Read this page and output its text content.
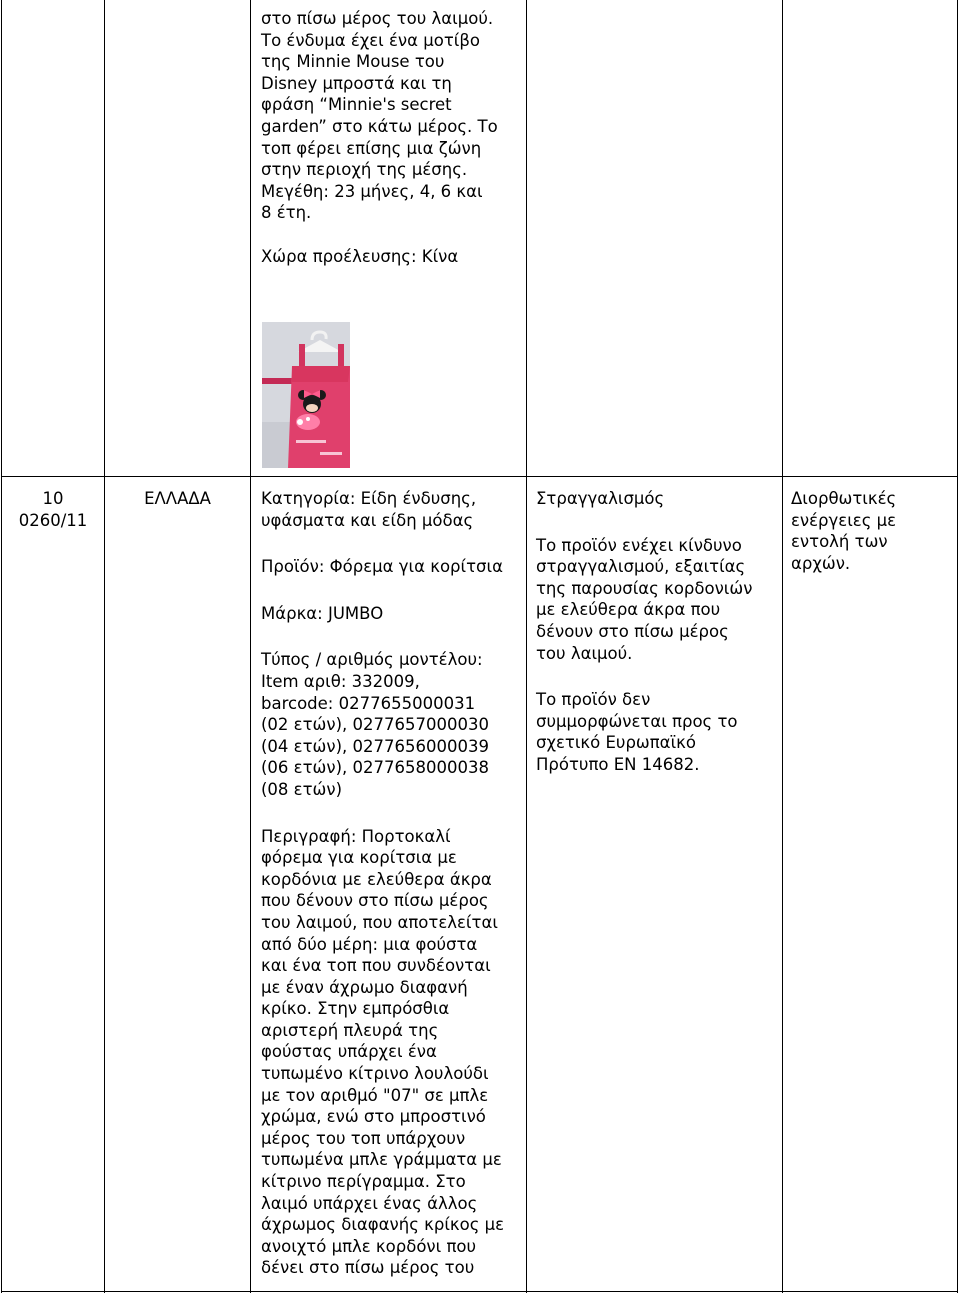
στο πίσω μέρος του λαιμού.

Το ένδυμα έχει ένα μοτίβο

της Minnie Mouse του

Disney μπροστά και τη

φράση “Minnie's secret

garden” στο κάτω μέρος. Το

τοπ φέρει επίσης μια ζώνη

στην περιοχή της μέσης.

Μεγέθη: 23 μήνες, 4, 6 και

8 έτη.

Χώρα προέλευσης: Κίνα

10

0260/11

ΕΛΛΑΔΑ	Κατηγορία: Είδη ένδυσης,

υφάσματα και είδη μόδας

Προϊόν: Φόρεμα για κορίτσια

Μάρκα: JUMBO

Τύπος / αριθμός μοντέλου:

Item αριθ: 332009,

barcode: 0277655000031

(02 ετών), 0277657000030

(04 ετών), 0277656000039

(06 ετών), 0277658000038

(08 ετών)

Περιγραφή: Πορτοκαλί

φόρεμα για κορίτσια με

κορδόνια με ελεύθερα άκρα

που δένουν στο πίσω μέρος

του λαιμού, που αποτελείται

από δύο μέρη: μια φούστα

και ένα τοπ που συνδέονται

με έναν άχρωμο διαφανή

κρίκο. Στην εμπρόσθια

αριστερή πλευρά της

φούστας υπάρχει ένα

τυπωμένο κίτρινο λουλούδι

με τον αριθμό "07" σε μπλε

χρώμα, ενώ στο μπροστινό

μέρος του τοπ υπάρχουν

τυπωμένα μπλε γράμματα με

κίτρινο περίγραμμα. Στο

λαιμό υπάρχει ένας άλλος

άχρωμος διαφανής κρίκος με

ανοιχτό μπλε κορδόνι που

δένει στο πίσω μέρος του

Στραγγαλισμός

Το προϊόν ενέχει κίνδυνο

στραγγαλισμού, εξαιτίας

της παρουσίας κορδονιών

με ελεύθερα άκρα που

δένουν στο πίσω μέρος

του λαιμού.

Το προϊόν δεν

συμμορφώνεται προς το

σχετικό Ευρωπαϊκό

Πρότυπο EN 14682.

Διορθωτικές

ενέργειες με

εντολή των

αρχών.
